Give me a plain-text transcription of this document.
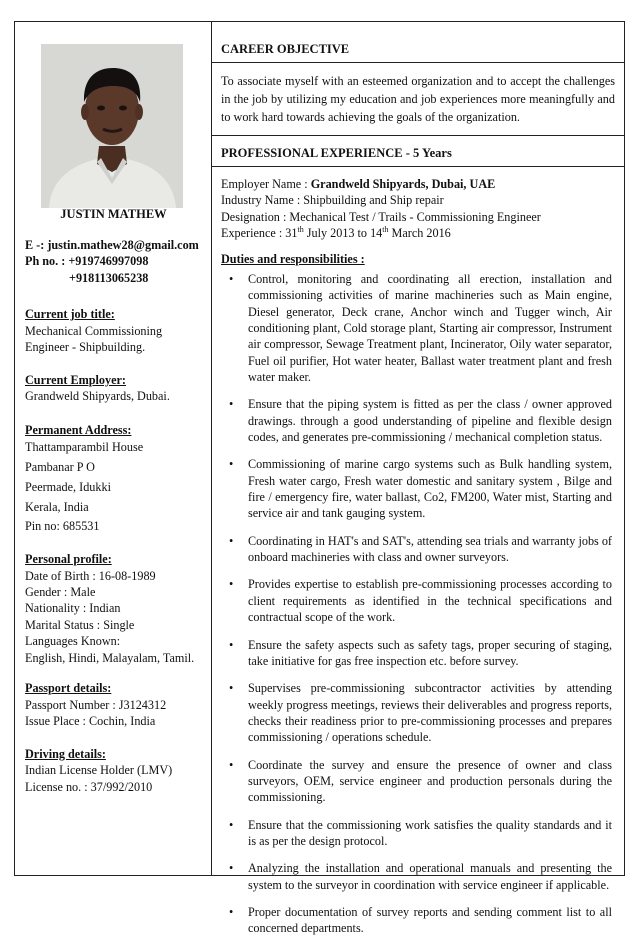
JUSTIN MATHEW
E -: justin.mathew28@gmail.com
Ph no. : +919746997098
+918113065238
Current job title:
Mechanical Commissioning
Engineer - Shipbuilding.
Current Employer:
Grandweld Shipyards, Dubai.
Permanent Address:
Thattamparambil House
Pambanar P O
Peermade, Idukki
Kerala, India
Pin no: 685531
Personal profile:
Date of Birth : 16-08-1989
Gender : Male
Nationality : Indian
Marital Status : Single
Languages Known:
English, Hindi, Malayalam, Tamil.
Passport details:
Passport Number : J3124312
Issue Place : Cochin, India
Driving details:
Indian License Holder (LMV)
License no. : 37/992/2010
CAREER OBJECTIVE
To associate myself with an esteemed organization and to accept the challenges in the job by utilizing my education and job experiences more meaningfully and to work hard towards achieving the goals of the organization.
PROFESSIONAL EXPERIENCE - 5 Years
Employer Name : Grandweld Shipyards, Dubai, UAE
Industry Name : Shipbuilding and Ship repair
Designation : Mechanical Test / Trails - Commissioning Engineer
Experience : 31th July 2013 to 14th March 2016
Duties and responsibilities :
• Control, monitoring and coordinating all erection, installation and commissioning activities of marine machineries such as Main engine, Diesel generator, Deck crane, Anchor winch and Tugger winch, Air conditioning plant, Cold storage plant, Starting air compressor, Instrument air compressor, Sewage Treatment plant, Incinerator, Oily water separator, Fuel oil purifier, Hot water heater, Ballast water treatment plant and fresh water maker.
• Ensure that the piping system is fitted as per the class / owner approved drawings. through a good understanding of pipeline and flexible design codes, and generates pre-commissioning / mechanical completion status.
• Commissioning of marine cargo systems such as Bulk handling system, Fresh water cargo, Fresh water domestic and sanitary system , Bilge and fire / emergency fire, water ballast, Co2, FM200, Water mist, Starting and service air and tank gauging system.
• Coordinating in HAT's and SAT's, attending sea trials and warranty jobs of onboard machineries with class and owner surveyors.
• Provides expertise to establish pre-commissioning processes according to client requirements as identified in the technical specifications and contractual scope of the work.
• Ensure the safety aspects such as safety tags, proper securing of staging, take initiative for gas free inspection etc. before survey.
• Supervises pre-commissioning subcontractor activities by attending weekly progress meetings, reviews their deliverables and progress reports, checks their readiness prior to pre-commissioning processes and prepares commissioning / operations schedule.
• Coordinate the survey and ensure the presence of owner and class surveyors, OEM, service engineer and production personals during the commissioning.
• Ensure that the commissioning work satisfies the quality standards and it is as per the design protocol.
• Analyzing the installation and operational manuals and presenting the system to the surveyor in coordination with service engineer if applicable.
• Proper documentation of survey reports and sending comment list to all concerned departments.
